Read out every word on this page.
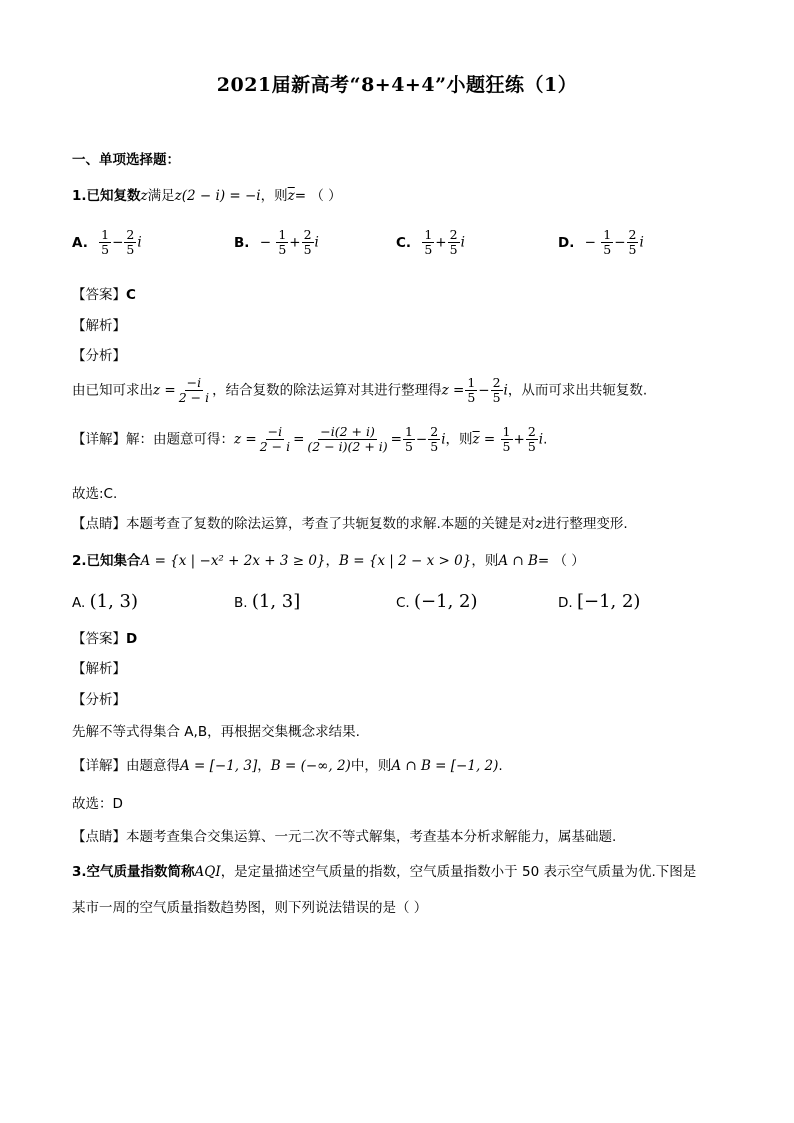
2021届新高考“8+4+4”小题狂练（1）
一、单项选择题：
1.已知复数z满足z(2 − i) = −i，则$\overline{z}=$ （ ）
A. $\frac{1}{5} - \frac{2}{5}$ i	B. − $\frac{1}{5} + \frac{2}{5}$ i	C. $\frac{1}{5} + \frac{2}{5}$ i	D. − $\frac{1}{5} - \frac{2}{5}$ i
【答案】C
【解析】
【分析】
由已知可求出$z = \frac{-i}{2 - i}$ ，结合复数的除法运算对其进行整理得$z = \frac{1}{5} - \frac{2}{5}$ i，从而可求出共轭复数.
【详解】解：由题意可得：$z = \frac{-i}{2 - i} = \frac{-i(2 + i)}{(2 - i)(2 + i)} = \frac{1}{5} - \frac{2}{5}$ i，则$\overline{z} = \frac{1}{5} + \frac{2}{5} i$.
故选:C.
【点睛】本题考查了复数的除法运算，考查了共轭复数的求解.本题的关键是对z进行整理变形.
2.已知集合A = {x | −x² + 2x + 3 ≥ 0}，B = {x | 2 − x > 0}，则A ∩ B= （ ）
A. (1, 3)	B. (1, 3]	C. (−1, 2)	D. [−1, 2)
【答案】D
【解析】
【分析】
先解不等式得集合 A,B，再根据交集概念求结果.
【详解】由题意得A = [−1, 3]，B = (−∞, 2)中，则A ∩ B = [−1, 2).
故选：D
【点睛】本题考查集合交集运算、一元二次不等式解集，考查基本分析求解能力，属基础题.
3.空气质量指数简称AQI，是定量描述空气质量的指数，空气质量指数小于 50 表示空气质量为优.下图是
某市一周的空气质量指数趋势图，则下列说法错误的是（ ）
